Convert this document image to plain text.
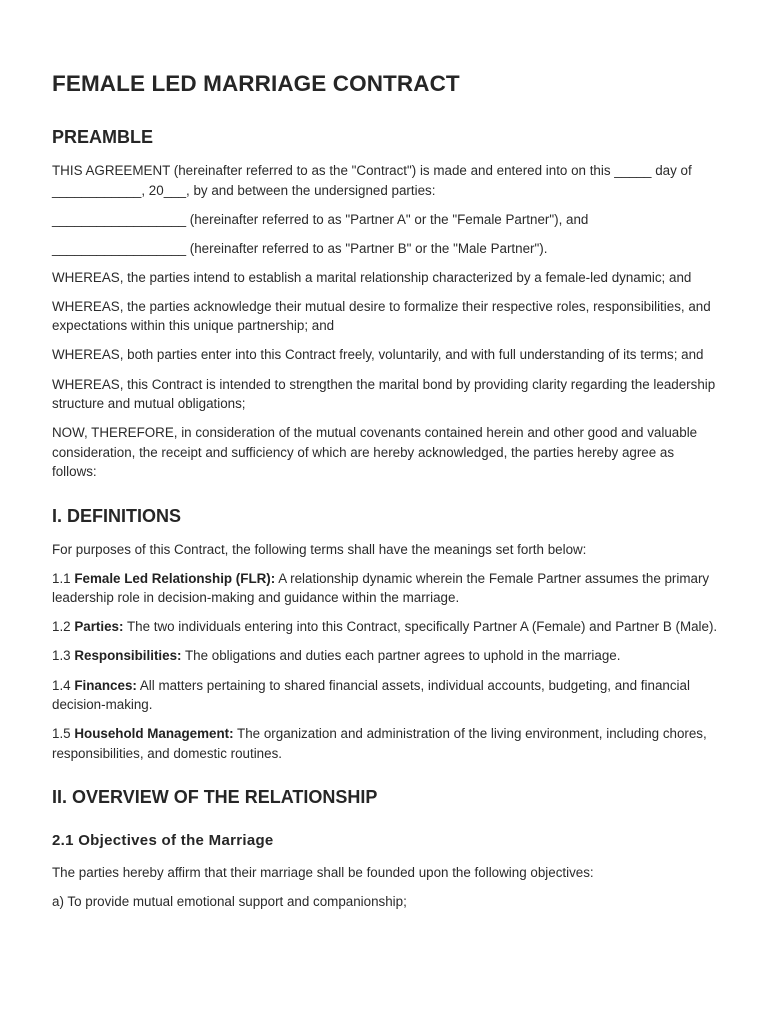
FEMALE LED MARRIAGE CONTRACT
PREAMBLE

THIS AGREEMENT (hereinafter referred to as the "Contract") is made and entered into on this _____ day of ____________, 20___, by and between the undersigned parties:

__________________ (hereinafter referred to as "Partner A" or the "Female Partner"), and

__________________ (hereinafter referred to as "Partner B" or the "Male Partner").

WHEREAS, the parties intend to establish a marital relationship characterized by a female-led dynamic; and

WHEREAS, the parties acknowledge their mutual desire to formalize their respective roles, responsibilities, and expectations within this unique partnership; and

WHEREAS, both parties enter into this Contract freely, voluntarily, and with full understanding of its terms; and

WHEREAS, this Contract is intended to strengthen the marital bond by providing clarity regarding the leadership structure and mutual obligations;

NOW, THEREFORE, in consideration of the mutual covenants contained herein and other good and valuable consideration, the receipt and sufficiency of which are hereby acknowledged, the parties hereby agree as follows:

I. DEFINITIONS

For purposes of this Contract, the following terms shall have the meanings set forth below:

1.1 Female Led Relationship (FLR): A relationship dynamic wherein the Female Partner assumes the primary leadership role in decision-making and guidance within the marriage.

1.2 Parties: The two individuals entering into this Contract, specifically Partner A (Female) and Partner B (Male).

1.3 Responsibilities: The obligations and duties each partner agrees to uphold in the marriage.

1.4 Finances: All matters pertaining to shared financial assets, individual accounts, budgeting, and financial decision-making.

1.5 Household Management: The organization and administration of the living environment, including chores, responsibilities, and domestic routines.

II. OVERVIEW OF THE RELATIONSHIP
2.1 Objectives of the Marriage

The parties hereby affirm that their marriage shall be founded upon the following objectives:

a) To provide mutual emotional support and companionship;
